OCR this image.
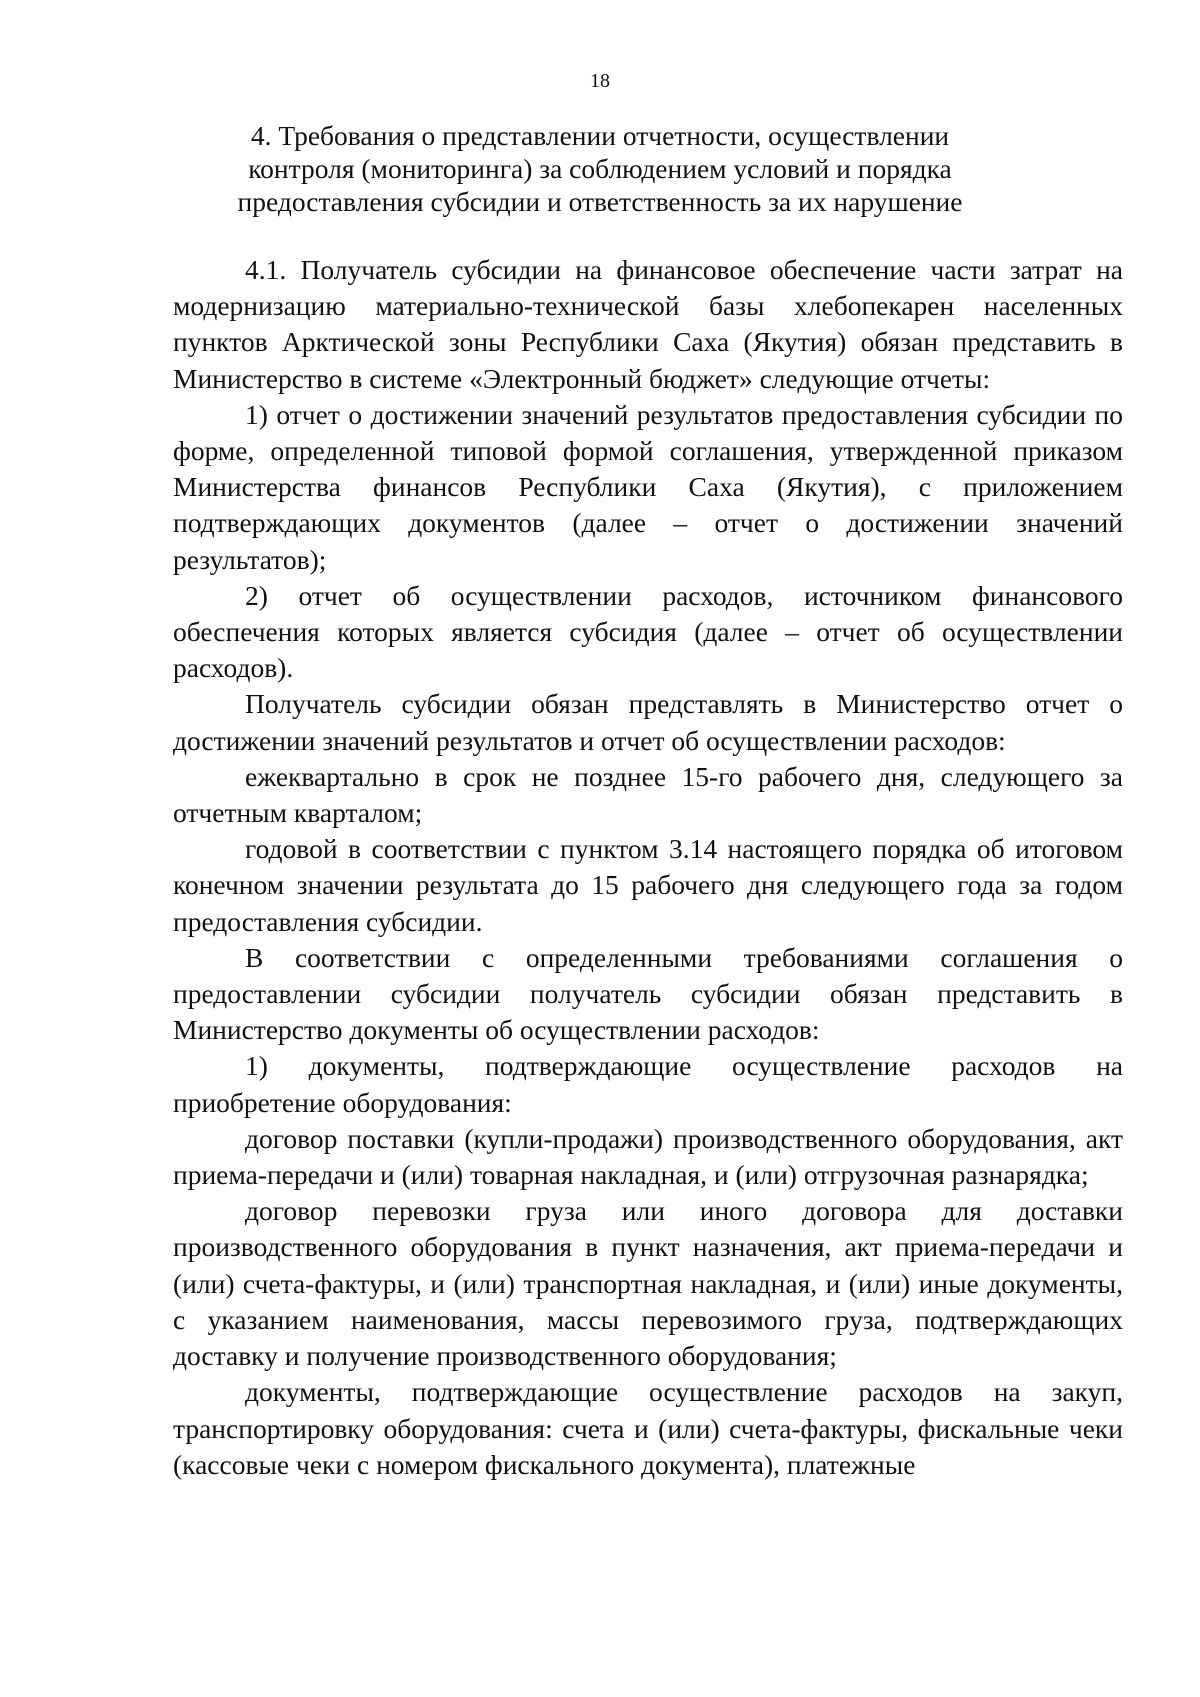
18
4. Требования о представлении отчетности, осуществлении
контроля (мониторинга) за соблюдением условий и порядка
предоставления субсидии и ответственность за их нарушение

4.1. Получатель субсидии на финансовое обеспечение части затрат на модернизацию материально-технической базы хлебопекарен населенных пунктов Арктической зоны Республики Саха (Якутия) обязан представить в Министерство в системе «Электронный бюджет» следующие отчеты:

1) отчет о достижении значений результатов предоставления субсидии по форме, определенной типовой формой соглашения, утвержденной приказом Министерства финансов Республики Саха (Якутия), с приложением подтверждающих документов (далее – отчет о достижении значений результатов);

2) отчет об осуществлении расходов, источником финансового обеспечения которых является субсидия (далее – отчет об осуществлении расходов).

Получатель субсидии обязан представлять в Министерство отчет о достижении значений результатов и отчет об осуществлении расходов:

ежеквартально в срок не позднее 15-го рабочего дня, следующего за отчетным кварталом;

годовой в соответствии с пунктом 3.14 настоящего порядка об итоговом конечном значении результата до 15 рабочего дня следующего года за годом предоставления субсидии.

В соответствии с определенными требованиями соглашения о предоставлении субсидии получатель субсидии обязан представить в Министерство документы об осуществлении расходов:

1) документы, подтверждающие осуществление расходов на приобретение оборудования:

договор поставки (купли-продажи) производственного оборудования, акт приема-передачи и (или) товарная накладная, и (или) отгрузочная разнарядка;

договор перевозки груза или иного договора для доставки производственного оборудования в пункт назначения, акт приема-передачи и (или) счета-фактуры, и (или) транспортная накладная, и (или) иные документы, с указанием наименования, массы перевозимого груза, подтверждающих доставку и получение производственного оборудования;

документы, подтверждающие осуществление расходов на закуп, транспортировку оборудования: счета и (или) счета-фактуры, фискальные чеки (кассовые чеки с номером фискального документа), платежные
